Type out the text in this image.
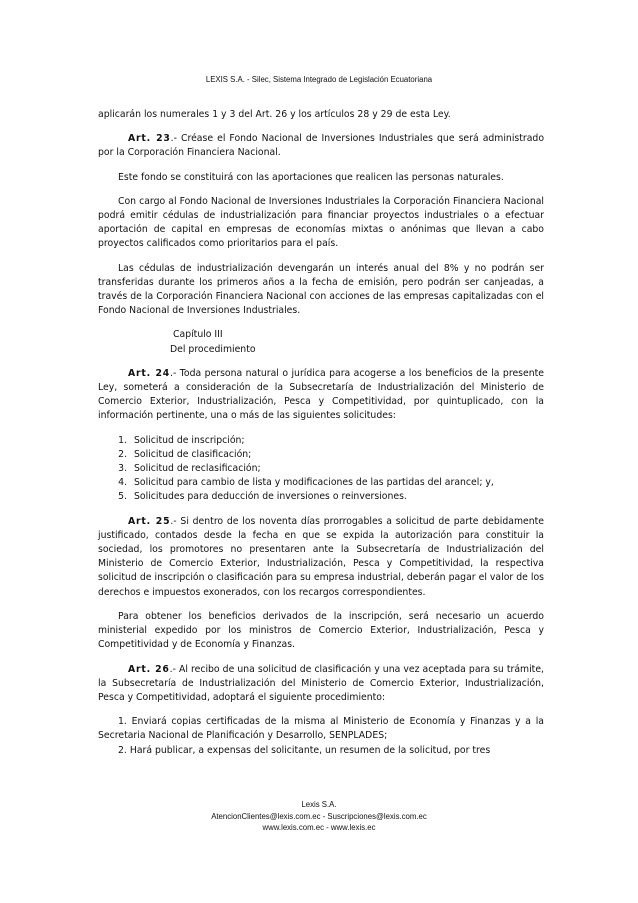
LEXIS S.A. - Silec, Sistema Integrado de Legislación Ecuatoriana

aplicarán los numerales 1 y 3 del Art. 26 y los artículos 28 y 29 de esta Ley.

Art. 23.- Créase el Fondo Nacional de Inversiones Industriales que será administrado por la Corporación Financiera Nacional.

Este fondo se constituirá con las aportaciones que realicen las personas naturales.

Con cargo al Fondo Nacional de Inversiones Industriales la Corporación Financiera Nacional podrá emitir cédulas de industrialización para financiar proyectos industriales o a efectuar aportación de capital en empresas de economías mixtas o anónimas que llevan a cabo proyectos calificados como prioritarios para el país.

Las cédulas de industrialización devengarán un interés anual del 8% y no podrán ser transferidas durante los primeros años a la fecha de emisión, pero podrán ser canjeadas, a través de la Corporación Financiera Nacional con acciones de las empresas capitalizadas con el Fondo Nacional de Inversiones Industriales.

Capítulo III

Del procedimiento

Art. 24.- Toda persona natural o jurídica para acogerse a los beneficios de la presente Ley, someterá a consideración de la Subsecretaría de Industrialización del Ministerio de Comercio Exterior, Industrialización, Pesca y Competitividad, por quintuplicado, con la información pertinente, una o más de las siguientes solicitudes:

1. Solicitud de inscripción;
2. Solicitud de clasificación;
3. Solicitud de reclasificación;
4. Solicitud para cambio de lista y modificaciones de las partidas del arancel; y,
5. Solicitudes para deducción de inversiones o reinversiones.

Art. 25.- Si dentro de los noventa días prorrogables a solicitud de parte debidamente justificado, contados desde la fecha en que se expida la autorización para constituir la sociedad, los promotores no presentaren ante la Subsecretaría de Industrialización del Ministerio de Comercio Exterior, Industrialización, Pesca y Competitividad, la respectiva solicitud de inscripción o clasificación para su empresa industrial, deberán pagar el valor de los derechos e impuestos exonerados, con los recargos correspondientes.

Para obtener los beneficios derivados de la inscripción, será necesario un acuerdo ministerial expedido por los ministros de Comercio Exterior, Industrialización, Pesca y Competitividad y de Economía y Finanzas.

Art. 26.- Al recibo de una solicitud de clasificación y una vez aceptada para su trámite, la Subsecretaría de Industrialización del Ministerio de Comercio Exterior, Industrialización, Pesca y Competitividad, adoptará el siguiente procedimiento:

1. Enviará copias certificadas de la misma al Ministerio de Economía y Finanzas y a la Secretaria Nacional de Planificación y Desarrollo, SENPLADES;

2. Hará publicar, a expensas del solicitante, un resumen de la solicitud, por tres

Lexis S.A.
AtencionClientes@lexis.com.ec - Suscripciones@lexis.com.ec
www.lexis.com.ec - www.lexis.ec
